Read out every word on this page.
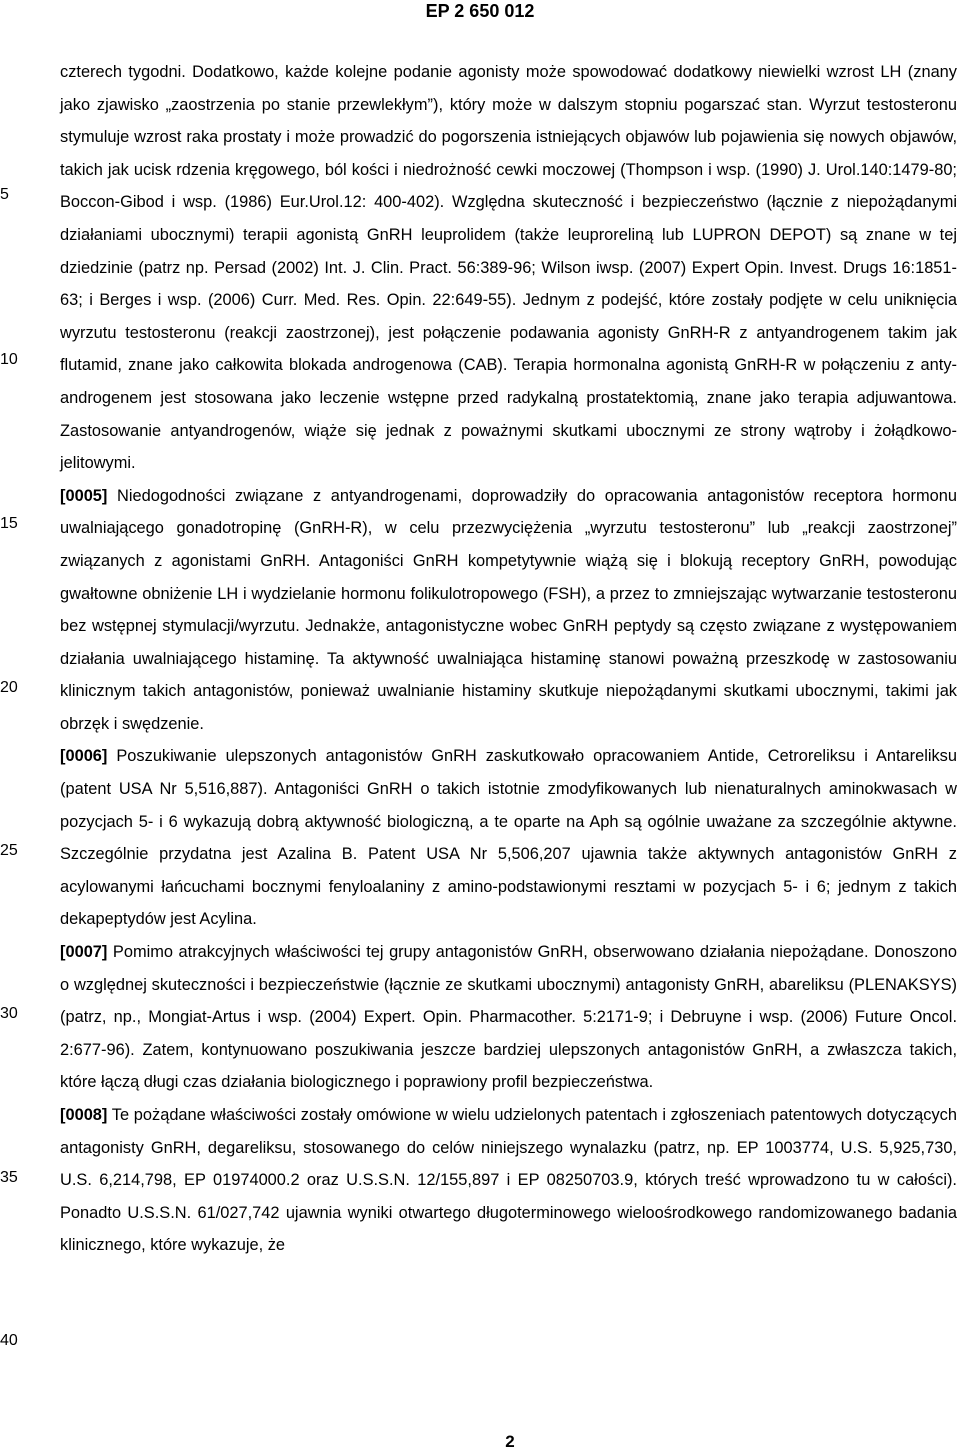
EP 2 650 012
5
10
15
20
25
30
35
40

czterech tygodni. Dodatkowo, każde kolejne podanie agonisty może spowodować dodatkowy niewielki wzrost LH (znany jako zjawisko „zaostrzenia po stanie przewlekłym”), który może w dalszym stopniu pogarszać stan. Wyrzut testosteronu stymuluje wzrost raka prostaty i może prowadzić do pogorszenia istniejących objawów lub pojawienia się nowych objawów, takich jak ucisk rdzenia kręgowego, ból kości i niedrożność cewki moczowej (Thompson i wsp. (1990) J. Urol.140:1479-80; Boccon-Gibod i wsp. (1986) Eur.Urol.12: 400-402). Względna skuteczność i bezpieczeństwo (łącznie z niepożądanymi działaniami ubocznymi) terapii agonistą GnRH leuprolidem (także leuproreliną lub LUPRON DEPOT) są znane w tej dziedzinie (patrz np. Persad (2002) Int. J. Clin. Pract. 56:389-96; Wilson iwsp. (2007) Expert Opin. Invest. Drugs 16:1851-63; i Berges i wsp. (2006) Curr. Med. Res. Opin. 22:649-55). Jednym z podejść, które zostały podjęte w celu uniknięcia wyrzutu testosteronu (reakcji zaostrzonej), jest połączenie podawania agonisty GnRH-R z antyandrogenem takim jak flutamid, znane jako całkowita blokada androgenowa (CAB). Terapia hormonalna agonistą GnRH-R w połączeniu z anty-androgenem jest stosowana jako leczenie wstępne przed radykalną prostatektomią, znane jako terapia adjuwantowa. Zastosowanie antyandrogenów, wiąże się jednak z poważnymi skutkami ubocznymi ze strony wątroby i żołądkowo-jelitowymi.

[0005] Niedogodności związane z antyandrogenami, doprowadziły do opracowania antagonistów receptora hormonu uwalniającego gonadotropinę (GnRH-R), w celu przezwyciężenia „wyrzutu testosteronu” lub „reakcji zaostrzonej” związanych z agonistami GnRH. Antagoniści GnRH kompetytywnie wiążą się i blokują receptory GnRH, powodując gwałtowne obniżenie LH i wydzielanie hormonu folikulotropowego (FSH), a przez to zmniejszając wytwarzanie testosteronu bez wstępnej stymulacji/wyrzutu. Jednakże, antagonistyczne wobec GnRH peptydy są często związane z występowaniem działania uwalniającego histaminę. Ta aktywność uwalniająca histaminę stanowi poważną przeszkodę w zastosowaniu klinicznym takich antagonistów, ponieważ uwalnianie histaminy skutkuje niepożądanymi skutkami ubocznymi, takimi jak obrzęk i swędzenie.

[0006] Poszukiwanie ulepszonych antagonistów GnRH zaskutkowało opracowaniem Antide, Cetroreliksu i Antareliksu (patent USA Nr 5,516,887). Antagoniści GnRH o takich istotnie zmodyfikowanych lub nienaturalnych aminokwasach w pozycjach 5- i 6 wykazują dobrą aktywność biologiczną, a te oparte na Aph są ogólnie uważane za szczególnie aktywne. Szczególnie przydatna jest Azalina B. Patent USA Nr 5,506,207 ujawnia także aktywnych antagonistów GnRH z acylowanymi łańcuchami bocznymi fenyloalaniny z amino-podstawionymi resztami w pozycjach 5- i 6; jednym z takich dekapeptydów jest Acylina.

[0007] Pomimo atrakcyjnych właściwości tej grupy antagonistów GnRH, obserwowano działania niepożądane. Donoszono o względnej skuteczności i bezpieczeństwie (łącznie ze skutkami ubocznymi) antagonisty GnRH, abareliksu (PLENAKSYS) (patrz, np., Mongiat-Artus i wsp. (2004) Expert. Opin. Pharmacother. 5:2171-9; i Debruyne i wsp. (2006) Future Oncol. 2:677-96). Zatem, kontynuowano poszukiwania jeszcze bardziej ulepszonych antagonistów GnRH, a zwłaszcza takich, które łączą długi czas działania biologicznego i poprawiony profil bezpieczeństwa.

[0008] Te pożądane właściwości zostały omówione w wielu udzielonych patentach i zgłoszeniach patentowych dotyczących antagonisty GnRH, degareliksu, stosowanego do celów niniejszego wynalazku (patrz, np. EP 1003774, U.S. 5,925,730, U.S. 6,214,798, EP 01974000.2 oraz U.S.S.N. 12/155,897 i EP 08250703.9, których treść wprowadzono tu w całości). Ponadto U.S.S.N. 61/027,742 ujawnia wyniki otwartego długoterminowego wieloośrodkowego randomizowanego badania klinicznego, które wykazuje, że

2
